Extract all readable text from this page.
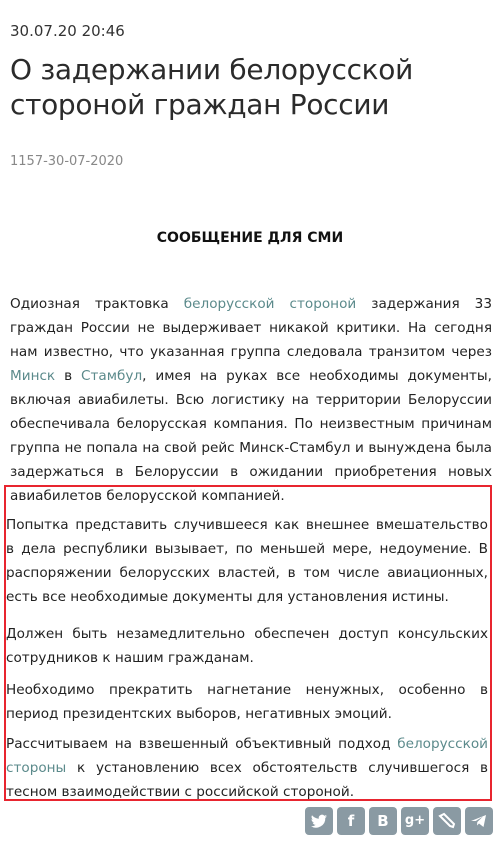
30.07.20 20:46
О задержании белорусской стороной граждан России
1157-30-07-2020
СООБЩЕНИЕ ДЛЯ СМИ

Одиозная трактовка белорусской стороной задержания 33 граждан России не выдерживает никакой критики. На сегодня нам известно, что указанная группа следовала транзитом через Минск в Стамбул, имея на руках все необходимы документы, включая авиабилеты. Всю логистику на территории Белоруссии обеспечивала белорусская компания. По неизвестным причинам группа не попала на свой рейс Минск-Стамбул и вынуждена была задержаться в Белоруссии в ожидании приобретения новых авиабилетов белорусской компанией.

Попытка представить случившееся как внешнее вмешательство в дела республики вызывает, по меньшей мере, недоумение. В распоряжении белорусских властей, в том числе авиационных, есть все необходимые документы для установления истины.

Должен быть незамедлительно обеспечен доступ консульских сотрудников к нашим гражданам.

Необходимо прекратить нагнетание ненужных, особенно в период президентских выборов, негативных эмоций.

Рассчитываем на взвешенный объективный подход белорусской стороны к установлению всех обстоятельств случившегося в тесном взаимодействии с российской стороной.

f	В	g+
